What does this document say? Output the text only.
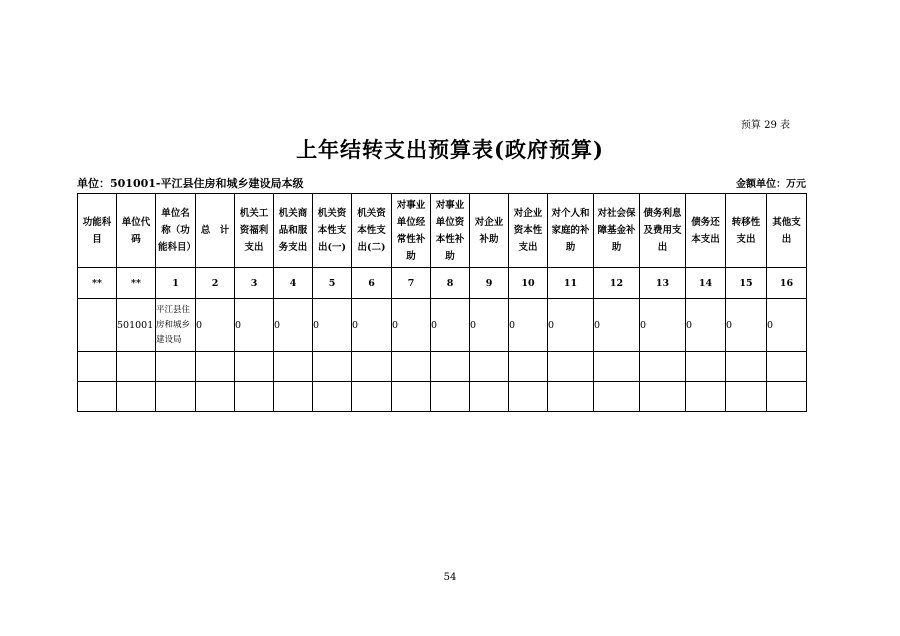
预算 29 表
上年结转支出预算表(政府预算)
单位：501001-平江县住房和城乡建设局本级	金额单位：万元
功能科目	单位代码	单位名称（功能科目）	总　计	机关工资福利支出	机关商品和服务支出	机关资本性支出(一)	机关资本性支出(二)	对事业单位经常性补助	对事业单位资本性补助	对企业补助	对企业资本性支出	对个人和家庭的补助	对社会保障基金补助	债务利息及费用支出	债务还本支出	转移性支出	其他支出

**	**	1	2	3	4	5	6	7	8	9	10	11	12	13	14	15	16
	501001	平江县住房和城乡建设局	0	0	0	0	0	0	0	0	0	0	0	0	0	0	0

54
